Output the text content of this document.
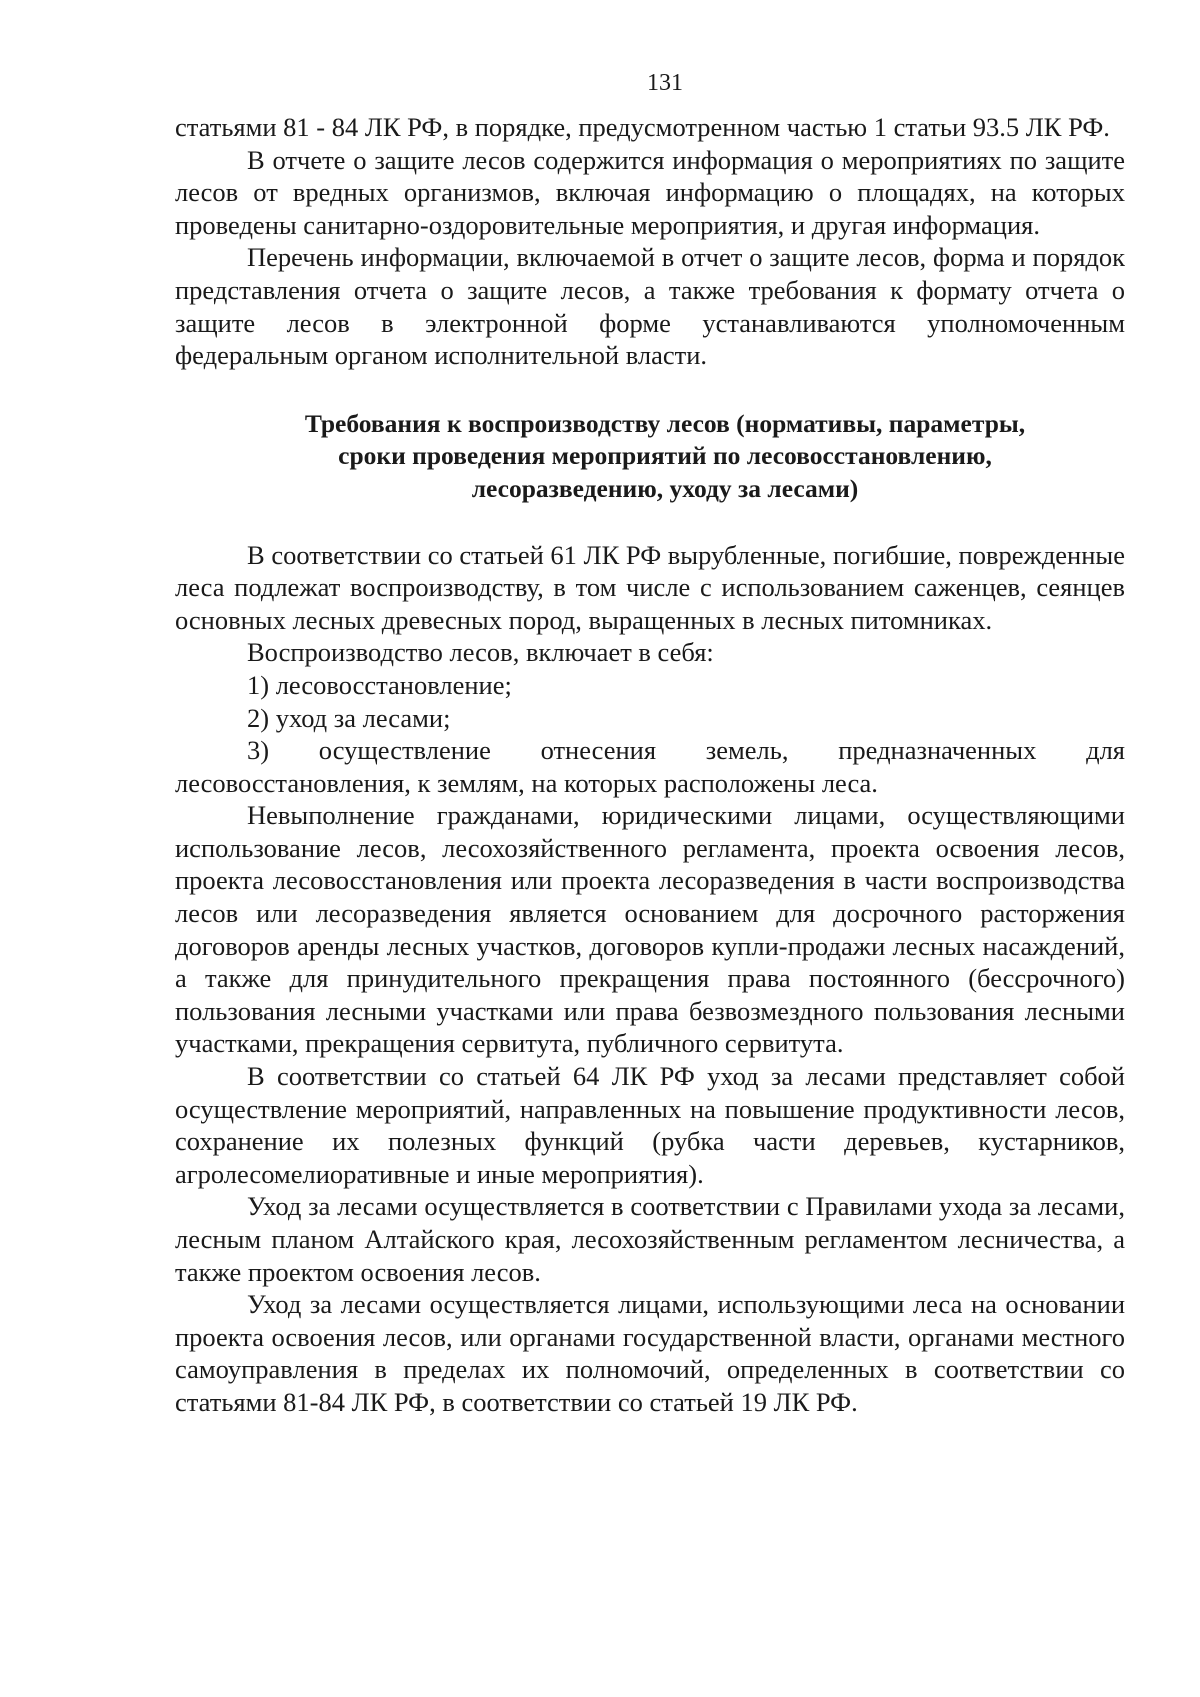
131

статьями 81 - 84 ЛК РФ, в порядке, предусмотренном частью 1 статьи 93.5 ЛК РФ.

В отчете о защите лесов содержится информация о мероприятиях по защите лесов от вредных организмов, включая информацию о площадях, на которых проведены санитарно-оздоровительные мероприятия, и другая информация.

Перечень информации, включаемой в отчет о защите лесов, форма и порядок представления отчета о защите лесов, а также требования к формату отчета о защите лесов в электронной форме устанавливаются уполномоченным федеральным органом исполнительной власти.

Требования к воспроизводству лесов (нормативы, параметры,
сроки проведения мероприятий по лесовосстановлению,
лесоразведению, уходу за лесами)

В соответствии со статьей 61 ЛК РФ вырубленные, погибшие, поврежденные леса подлежат воспроизводству, в том числе с использованием саженцев, сеянцев основных лесных древесных пород, выращенных в лесных питомниках.

Воспроизводство лесов, включает в себя:

1) лесовосстановление;

2) уход за лесами;

3) осуществление отнесения земель, предназначенных для лесовосстановления, к землям, на которых расположены леса.

Невыполнение гражданами, юридическими лицами, осуществляющими использование лесов, лесохозяйственного регламента, проекта освоения лесов, проекта лесовосстановления или проекта лесоразведения в части воспроизводства лесов или лесоразведения является основанием для досрочного расторжения договоров аренды лесных участков, договоров купли-продажи лесных насаждений, а также для принудительного прекращения права постоянного (бессрочного) пользования лесными участками или права безвозмездного пользования лесными участками, прекращения сервитута, публичного сервитута.

В соответствии со статьей 64 ЛК РФ уход за лесами представляет собой осуществление мероприятий, направленных на повышение продуктивности лесов, сохранение их полезных функций (рубка части деревьев, кустарников, агролесомелиоративные и иные мероприятия).

Уход за лесами осуществляется в соответствии с Правилами ухода за лесами, лесным планом Алтайского края, лесохозяйственным регламентом лесничества, а также проектом освоения лесов.

Уход за лесами осуществляется лицами, использующими леса на основании проекта освоения лесов, или органами государственной власти, органами местного самоуправления в пределах их полномочий, определенных в соответствии со статьями 81-84 ЛК РФ, в соответствии со статьей 19 ЛК РФ.
